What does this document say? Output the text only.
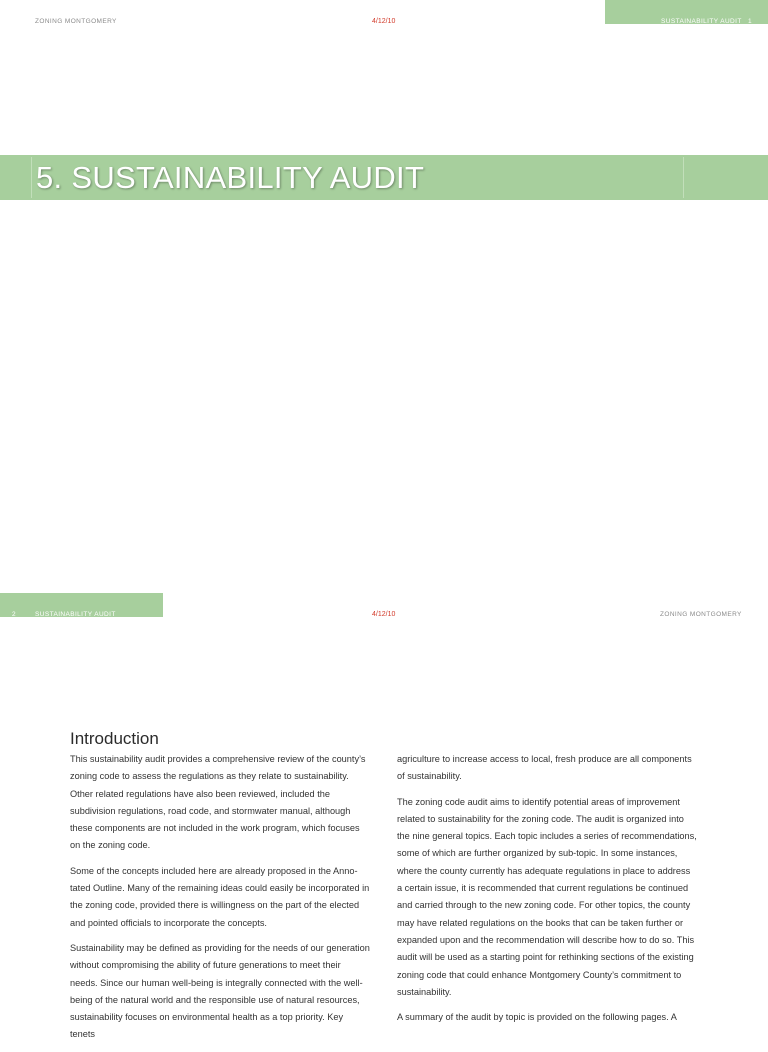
ZONING MONTGOMERY	4/12/10	SUSTAINABILITY AUDIT 1
5. SUSTAINABILITY AUDIT
2	SUSTAINABILITY AUDIT	4/12/10	ZONING MONTGOMERY
Introduction

This sustainability audit provides a comprehensive review of the county’s zoning code to assess the regulations as they relate to sustainability. Other related regulations have also been reviewed, included the subdivision regulations, road code, and stormwater manual, although these components are not included in the work program, which focuses on the zoning code.

Some of the concepts included here are already proposed in the Annotated Outline. Many of the remaining ideas could easily be incorporated in the zoning code, provided there is willingness on the part of the elected and pointed officials to incorporate the concepts.

Sustainability may be defined as providing for the needs of our generation without compromising the ability of future generations to meet their needs. Since our human well-being is integrally connected with the well-being of the natural world and the responsible use of natural resources, sustainability focuses on environmental health as a top priority. Key tenets

agriculture to increase access to local, fresh produce are all components of sustainability.

The zoning code audit aims to identify potential areas of improvement related to sustainability for the zoning code. The audit is organized into the nine general topics. Each topic includes a series of recommendations, some of which are further organized by sub-topic. In some instances, where the county currently has adequate regulations in place to address a certain issue, it is recommended that current regulations be continued and carried through to the new zoning code. For other topics, the county may have related regulations on the books that can be taken further or expanded upon and the recommendation will describe how to do so. This audit will be used as a starting point for rethinking sections of the existing zoning code that could enhance Montgomery County’s commitment to sustainability.

A summary of the audit by topic is provided on the following pages. A
